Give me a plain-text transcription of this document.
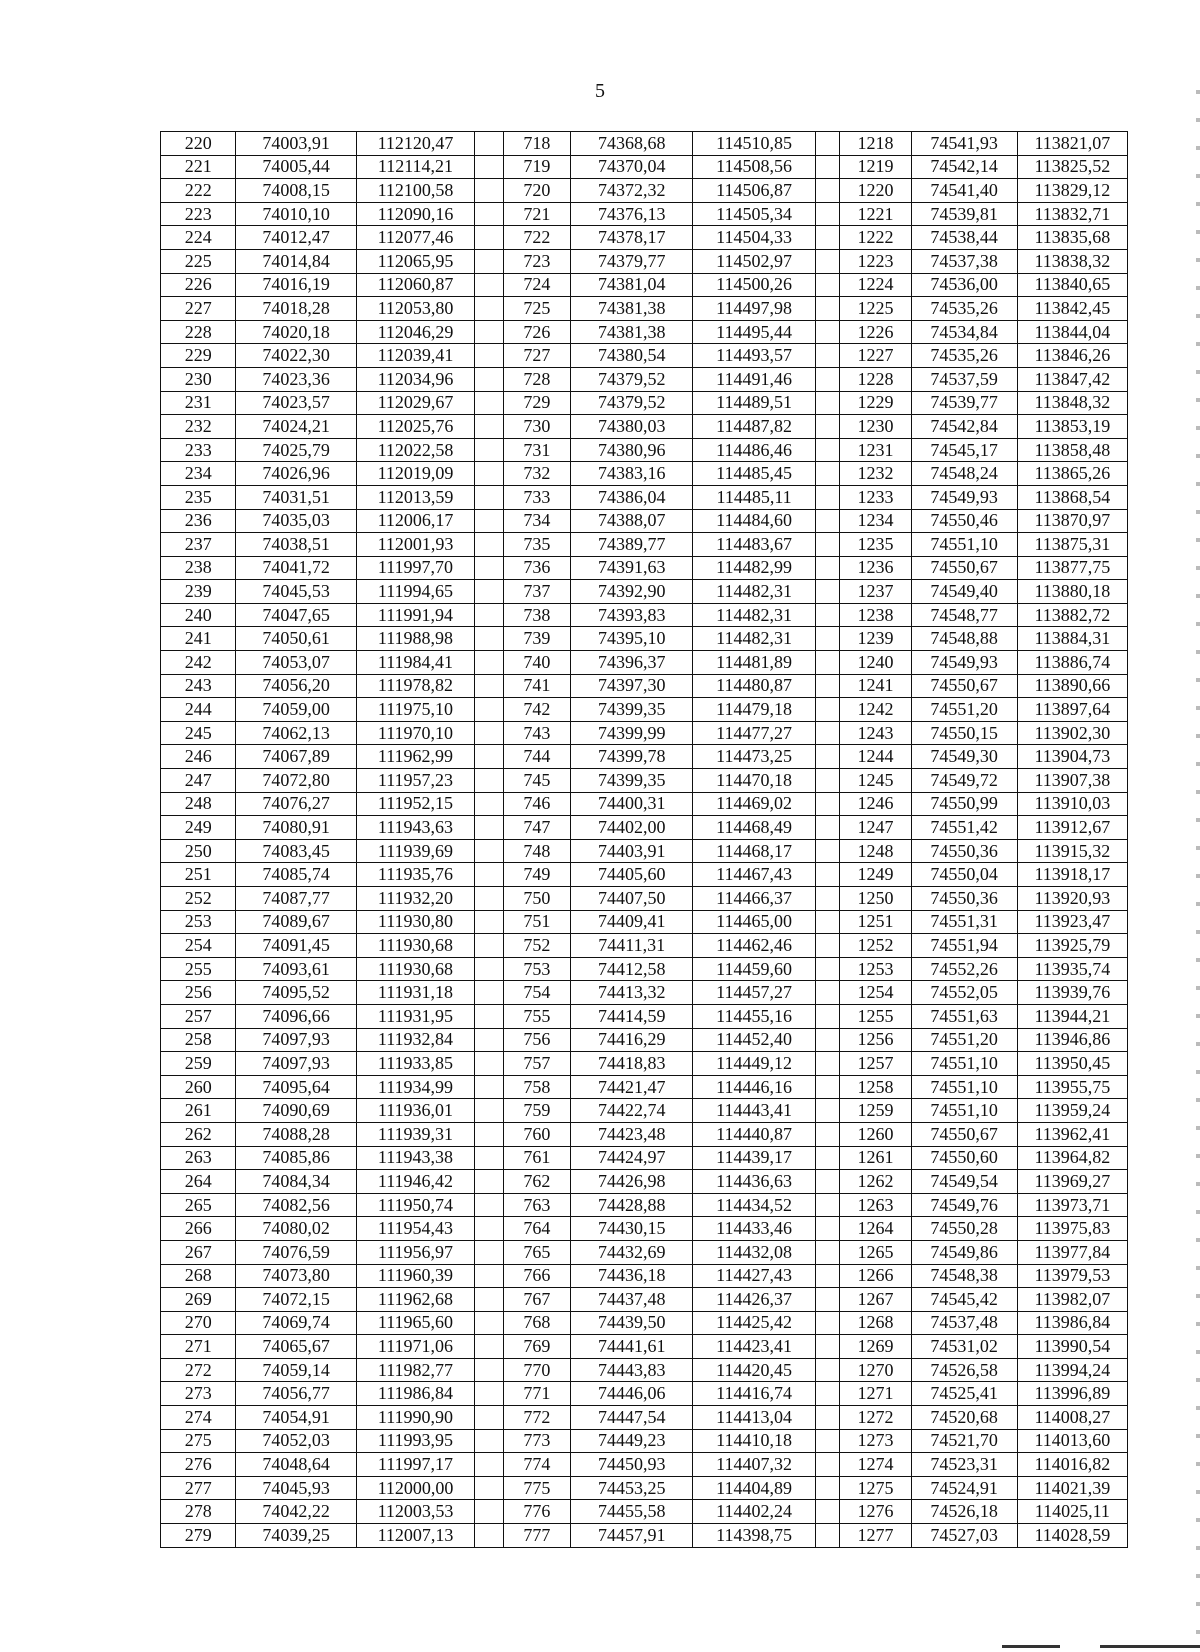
5
220	74003,91	112120,47		718	74368,68	114510,85		1218	74541,93	113821,07
221	74005,44	112114,21		719	74370,04	114508,56		1219	74542,14	113825,52
222	74008,15	112100,58		720	74372,32	114506,87		1220	74541,40	113829,12
223	74010,10	112090,16		721	74376,13	114505,34		1221	74539,81	113832,71
224	74012,47	112077,46		722	74378,17	114504,33		1222	74538,44	113835,68
225	74014,84	112065,95		723	74379,77	114502,97		1223	74537,38	113838,32
226	74016,19	112060,87		724	74381,04	114500,26		1224	74536,00	113840,65
227	74018,28	112053,80		725	74381,38	114497,98		1225	74535,26	113842,45
228	74020,18	112046,29		726	74381,38	114495,44		1226	74534,84	113844,04
229	74022,30	112039,41		727	74380,54	114493,57		1227	74535,26	113846,26
230	74023,36	112034,96		728	74379,52	114491,46		1228	74537,59	113847,42
231	74023,57	112029,67		729	74379,52	114489,51		1229	74539,77	113848,32
232	74024,21	112025,76		730	74380,03	114487,82		1230	74542,84	113853,19
233	74025,79	112022,58		731	74380,96	114486,46		1231	74545,17	113858,48
234	74026,96	112019,09		732	74383,16	114485,45		1232	74548,24	113865,26
235	74031,51	112013,59		733	74386,04	114485,11		1233	74549,93	113868,54
236	74035,03	112006,17		734	74388,07	114484,60		1234	74550,46	113870,97
237	74038,51	112001,93		735	74389,77	114483,67		1235	74551,10	113875,31
238	74041,72	111997,70		736	74391,63	114482,99		1236	74550,67	113877,75
239	74045,53	111994,65		737	74392,90	114482,31		1237	74549,40	113880,18
240	74047,65	111991,94		738	74393,83	114482,31		1238	74548,77	113882,72
241	74050,61	111988,98		739	74395,10	114482,31		1239	74548,88	113884,31
242	74053,07	111984,41		740	74396,37	114481,89		1240	74549,93	113886,74
243	74056,20	111978,82		741	74397,30	114480,87		1241	74550,67	113890,66
244	74059,00	111975,10		742	74399,35	114479,18		1242	74551,20	113897,64
245	74062,13	111970,10		743	74399,99	114477,27		1243	74550,15	113902,30
246	74067,89	111962,99		744	74399,78	114473,25		1244	74549,30	113904,73
247	74072,80	111957,23		745	74399,35	114470,18		1245	74549,72	113907,38
248	74076,27	111952,15		746	74400,31	114469,02		1246	74550,99	113910,03
249	74080,91	111943,63		747	74402,00	114468,49		1247	74551,42	113912,67
250	74083,45	111939,69		748	74403,91	114468,17		1248	74550,36	113915,32
251	74085,74	111935,76		749	74405,60	114467,43		1249	74550,04	113918,17
252	74087,77	111932,20		750	74407,50	114466,37		1250	74550,36	113920,93
253	74089,67	111930,80		751	74409,41	114465,00		1251	74551,31	113923,47
254	74091,45	111930,68		752	74411,31	114462,46		1252	74551,94	113925,79
255	74093,61	111930,68		753	74412,58	114459,60		1253	74552,26	113935,74
256	74095,52	111931,18		754	74413,32	114457,27		1254	74552,05	113939,76
257	74096,66	111931,95		755	74414,59	114455,16		1255	74551,63	113944,21
258	74097,93	111932,84		756	74416,29	114452,40		1256	74551,20	113946,86
259	74097,93	111933,85		757	74418,83	114449,12		1257	74551,10	113950,45
260	74095,64	111934,99		758	74421,47	114446,16		1258	74551,10	113955,75
261	74090,69	111936,01		759	74422,74	114443,41		1259	74551,10	113959,24
262	74088,28	111939,31		760	74423,48	114440,87		1260	74550,67	113962,41
263	74085,86	111943,38		761	74424,97	114439,17		1261	74550,60	113964,82
264	74084,34	111946,42		762	74426,98	114436,63		1262	74549,54	113969,27
265	74082,56	111950,74		763	74428,88	114434,52		1263	74549,76	113973,71
266	74080,02	111954,43		764	74430,15	114433,46		1264	74550,28	113975,83
267	74076,59	111956,97		765	74432,69	114432,08		1265	74549,86	113977,84
268	74073,80	111960,39		766	74436,18	114427,43		1266	74548,38	113979,53
269	74072,15	111962,68		767	74437,48	114426,37		1267	74545,42	113982,07
270	74069,74	111965,60		768	74439,50	114425,42		1268	74537,48	113986,84
271	74065,67	111971,06		769	74441,61	114423,41		1269	74531,02	113990,54
272	74059,14	111982,77		770	74443,83	114420,45		1270	74526,58	113994,24
273	74056,77	111986,84		771	74446,06	114416,74		1271	74525,41	113996,89
274	74054,91	111990,90		772	74447,54	114413,04		1272	74520,68	114008,27
275	74052,03	111993,95		773	74449,23	114410,18		1273	74521,70	114013,60
276	74048,64	111997,17		774	74450,93	114407,32		1274	74523,31	114016,82
277	74045,93	112000,00		775	74453,25	114404,89		1275	74524,91	114021,39
278	74042,22	112003,53		776	74455,58	114402,24		1276	74526,18	114025,11
279	74039,25	112007,13		777	74457,91	114398,75		1277	74527,03	114028,59
